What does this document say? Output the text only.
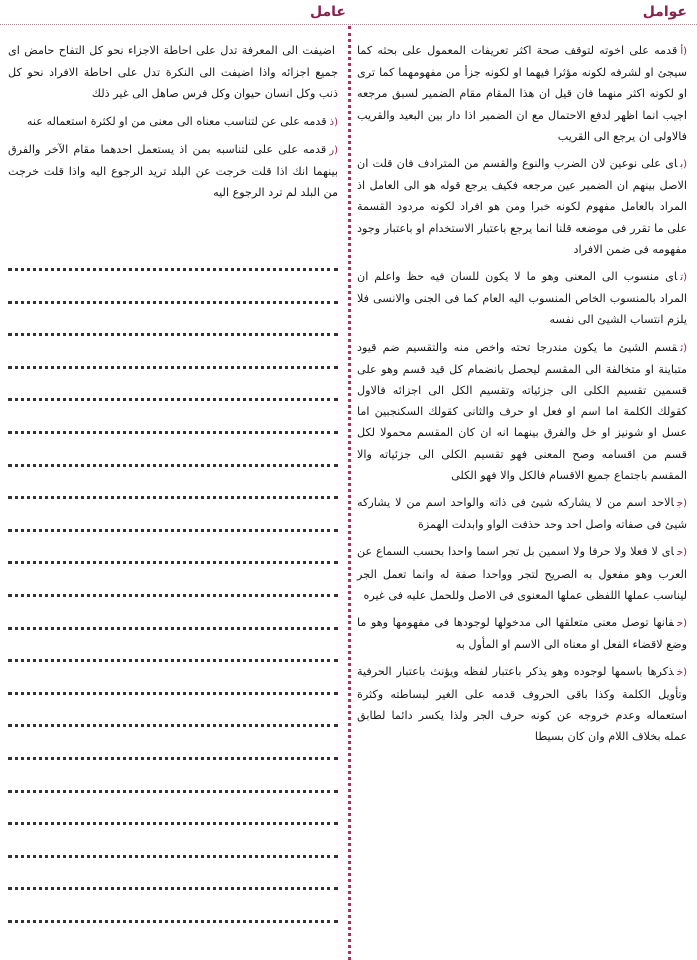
عوامل
عامل

(أقدمه على اخوته لتوقف صحة اكثر تعريفات المعمول على بحثه كما سيجئ او لشرفه لكونه مؤثرا فيهما او لكونه جزأ من مفهومهما كما ترى او لكونه اكثر منهما فان قيل ان هذا المقام مقام الضمير لسبق مرجعه اجيب انما اظهر لدفع الاحتمال مع ان الضمير اذا دار بين البعيد والقريب فالاولى ان يرجع الى القريب

(باى على نوعين لان الضرب والنوع والقسم من المترادف فان قلت ان الاصل بينهم ان الضمير عين مرجعه فكيف يرجع قوله هو الى العامل اذ المراد بالعامل مفهوم لكونه خبرا ومن هو افراد لكونه مردود القسمة على ما تقرر فى موضعه قلنا انما يرجع باعتبار الاستخدام او باعتبار وجود مفهومه فى ضمن الافراد

(تاى منسوب الى المعنى وهو ما لا يكون للسان فيه حظ واعلم ان المراد بالمنسوب الخاص المنسوب اليه العام كما فى الجنى والانسى فلا يلزم انتساب الشيئ الى نفسه

(ثقسم الشيئ ما يكون مندرجا تحته واخص منه والتقسيم ضم قيود متباينة او متخالفة الى المقسم ليحصل بانضمام كل قيد قسم وهو على قسمين تقسيم الكلى الى جزئياته وتقسيم الكل الى اجزائه فالاول كقولك الكلمة اما اسم او فعل او حرف والثانى كقولك السكنجبين اما عسل او شونيز او خل والفرق بينهما انه ان كان المقسم محمولا لكل قسم من اقسامه وصح المعنى فهو تقسيم الكلى الى جزئياته والا المقسم باجتماع جميع الاقسام فالكل والا فهو الكلى

(جالاحد اسم من لا يشاركه شيئ فى ذاته والواحد اسم من لا يشاركه شيئ فى صفاته واصل احد وحد حذفت الواو وابدلت الهمزة

(حاى لا فعلا ولا حرفا ولا اسمين بل تجر اسما واحدا بحسب السماع عن العرب وهو مفعول به الصريح لتجر وواحدا صفة له وانما تعمل الجر ليناسب عملها اللفظى عملها المعنوى فى الاصل وللحمل عليه فى غيره

(حفانها توصل معنى متعلقها الى مدخولها لوجودها فى مفهومها وهو ما وضع لاقضاء الفعل او معناه الى الاسم او المأول به

(خذكرها باسمها لوجوده وهو يذكر باعتبار لفظه ويؤنث باعتبار الحرفية وتأويل الكلمة وكذا باقى الحروف قدمه على الغير لبساطته وكثرة استعماله وعدم خروجه عن كونه حرف الجر ولذا يكسر دائما لطابق عمله بخلاف اللام وان كان بسيطا

اضيفت الى المعرفة تدل على احاطة الاجزاء نحو كل التفاح حامض اى جميع اجزائه واذا اضيفت الى النكرة تدل على احاطة الافراد نحو كل ذنب وكل انسان حيوان وكل فرس صاهل الى غير ذلك

(ذقدمه على عن لتناسب معناه الى معنى من او لكثرة استعماله عنه

(رقدمه على على لتناسبه بمن اذ يستعمل احدهما مقام الآخر والفرق بينهما انك اذا قلت خرجت عن البلد تريد الرجوع اليه واذا قلت خرجت من البلد لم ترد الرجوع اليه
